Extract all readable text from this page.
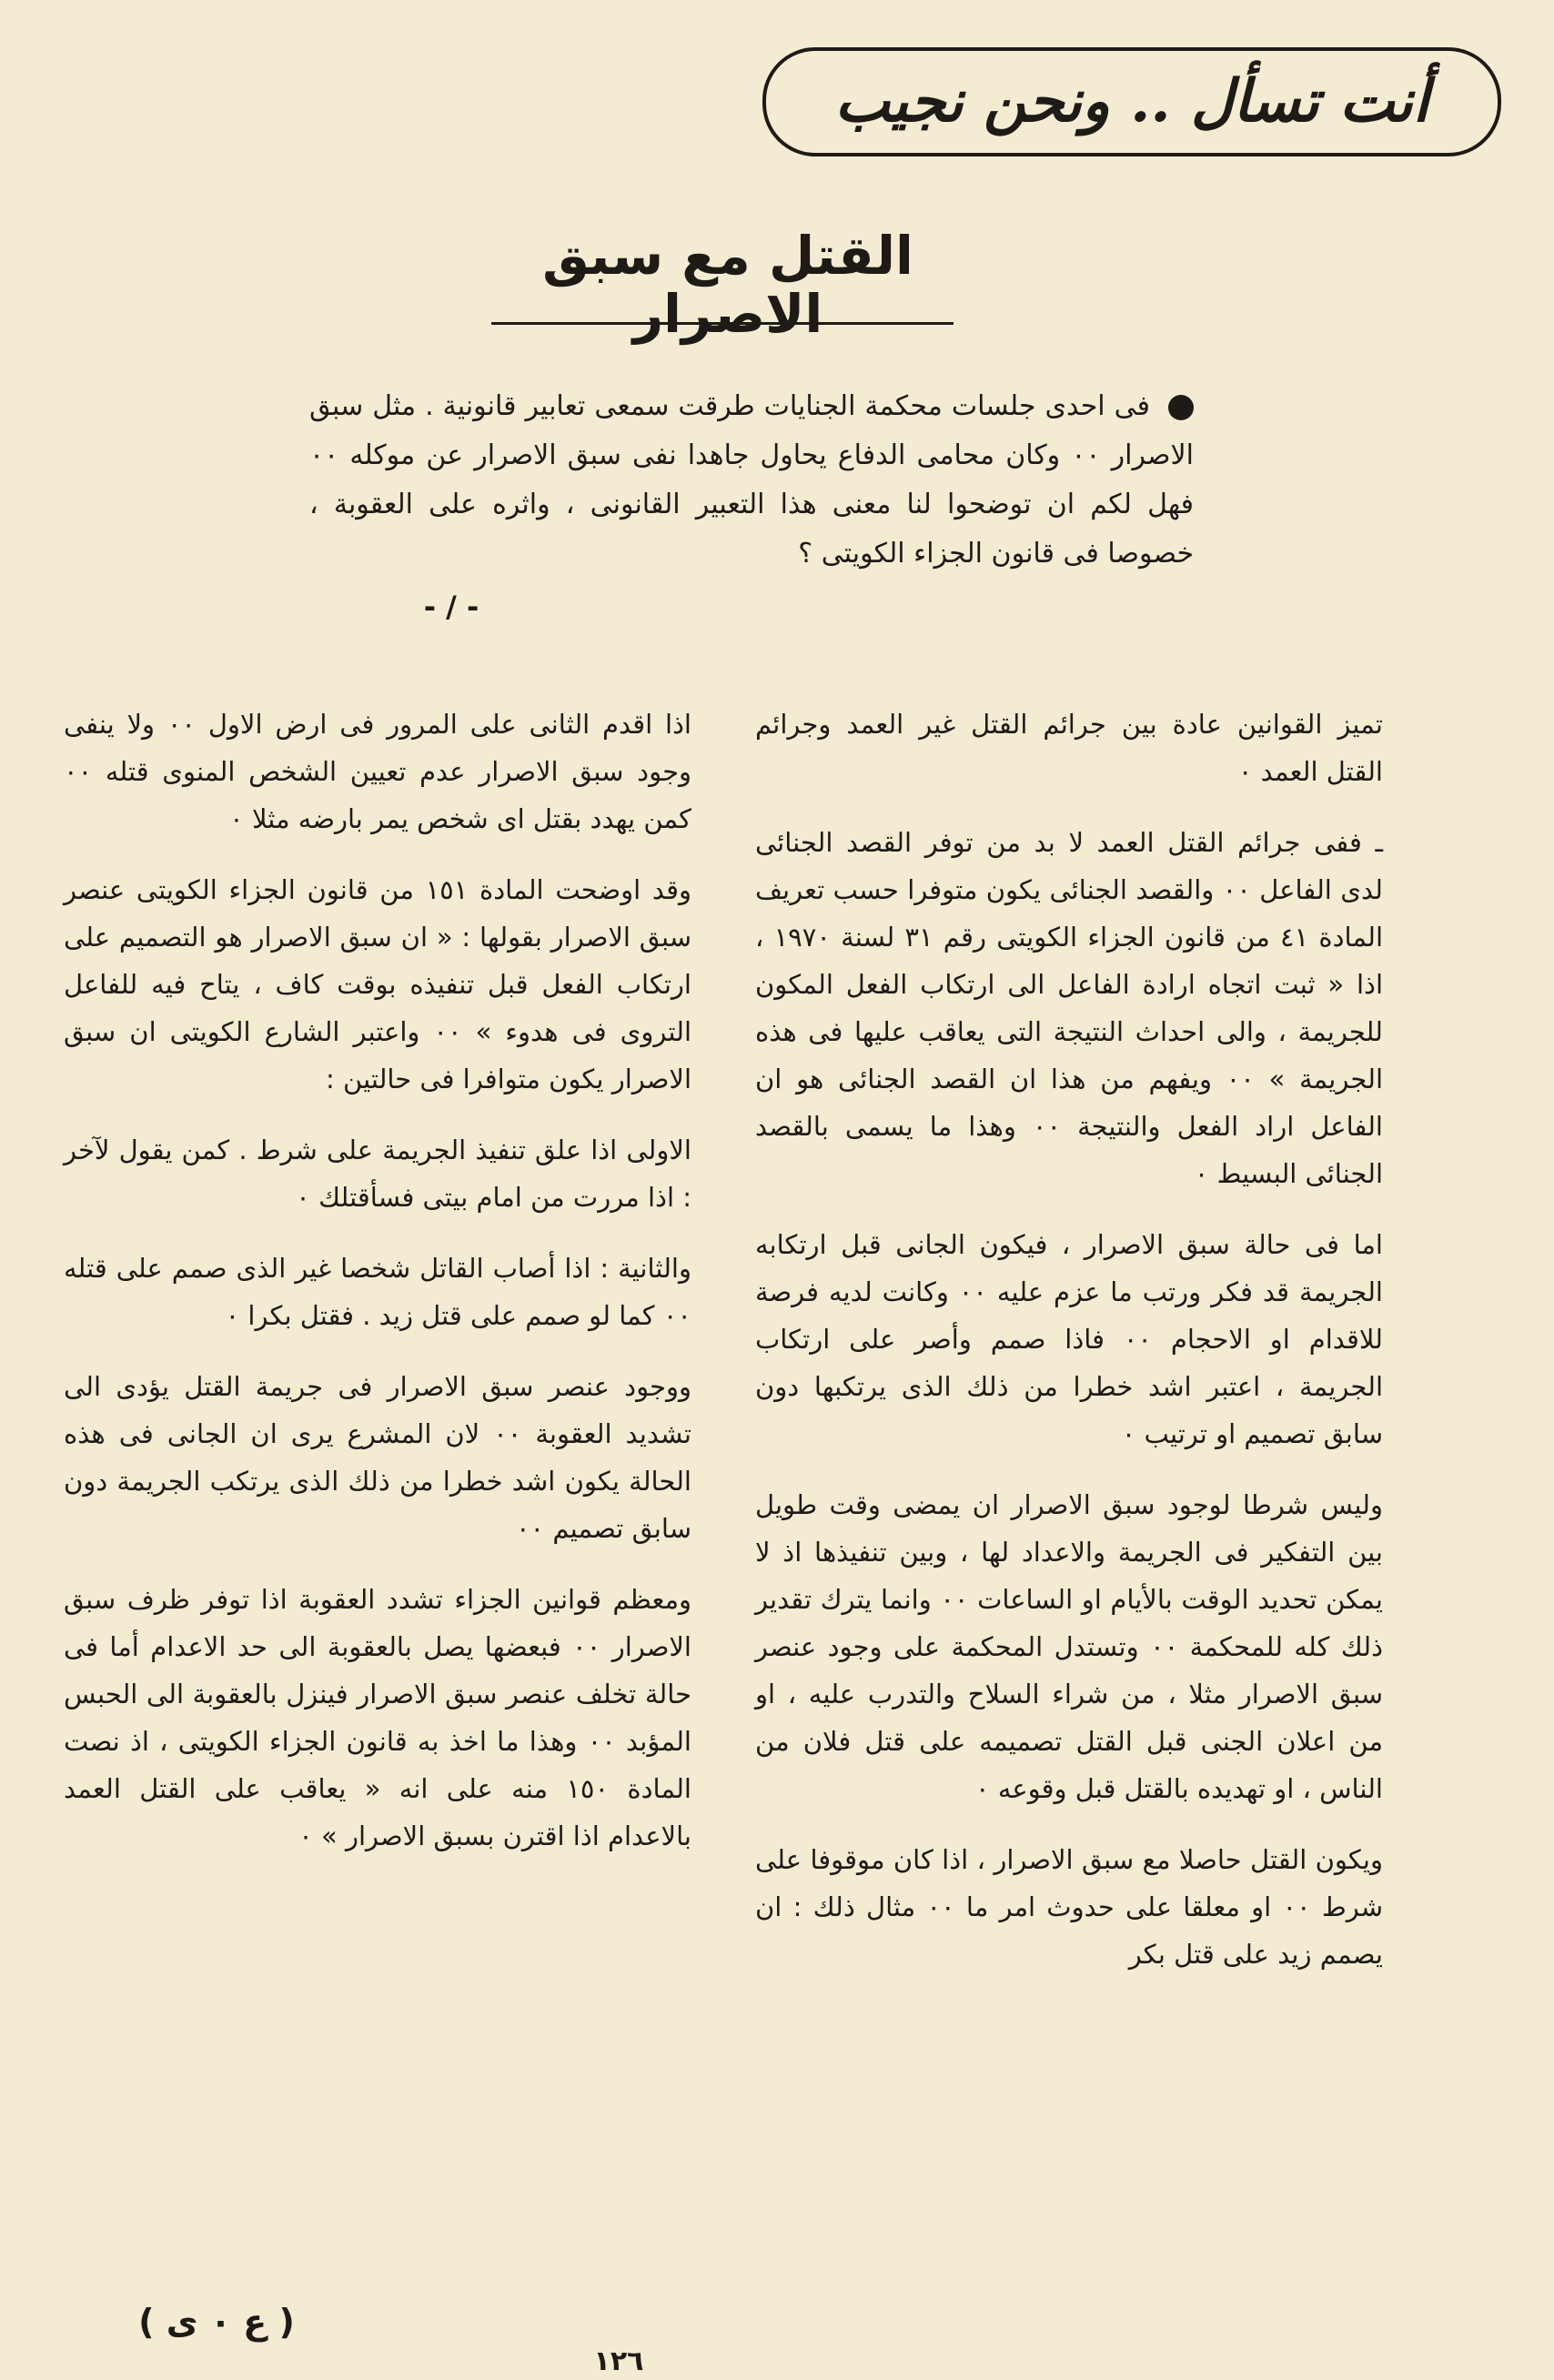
أنت تسأل .. ونحن نجيب
القتل مع سبق الاصرار
فى احدى جلسات محكمة الجنايات طرقت سمعى تعابير قانونية . مثل سبق الاصرار ٠٠ وكان محامى الدفاع يحاول جاهدا نفى سبق الاصرار عن موكله ٠٠ فهل لكم ان توضحوا لنا معنى هذا التعبير القانونى ، واثره على العقوبة ، خصوصا فى قانون الجزاء الكويتى ؟
- / -

تميز القوانين عادة بين جرائم القتل غير العمد وجرائم القتل العمد ٠

ـ ففى جرائم القتل العمد لا بد من توفر القصد الجنائى لدى الفاعل ٠٠ والقصد الجنائى يكون متوفرا حسب تعريف المادة ٤١ من قانون الجزاء الكويتى رقم ٣١ لسنة ١٩٧٠ ، اذا « ثبت اتجاه ارادة الفاعل الى ارتكاب الفعل المكون للجريمة ، والى احداث النتيجة التى يعاقب عليها فى هذه الجريمة » ٠٠ ويفهم من هذا ان القصد الجنائى هو ان الفاعل اراد الفعل والنتيجة ٠٠ وهذا ما يسمى بالقصد الجنائى البسيط ٠

اما فى حالة سبق الاصرار ، فيكون الجانى قبل ارتكابه الجريمة قد فكر ورتب ما عزم عليه ٠٠ وكانت لديه فرصة للاقدام او الاحجام ٠٠ فاذا صمم وأصر على ارتكاب الجريمة ، اعتبر اشد خطرا من ذلك الذى يرتكبها دون سابق تصميم او ترتيب ٠

وليس شرطا لوجود سبق الاصرار ان يمضى وقت طويل بين التفكير فى الجريمة والاعداد لها ، وبين تنفيذها اذ لا يمكن تحديد الوقت بالأيام او الساعات ٠٠ وانما يترك تقدير ذلك كله للمحكمة ٠٠ وتستدل المحكمة على وجود عنصر سبق الاصرار مثلا ، من شراء السلاح والتدرب عليه ، او من اعلان الجنى قبل القتل تصميمه على قتل فلان من الناس ، او تهديده بالقتل قبل وقوعه ٠

ويكون القتل حاصلا مع سبق الاصرار ، اذا كان موقوفا على شرط ٠٠ او معلقا على حدوث امر ما ٠٠ مثال ذلك : ان يصمم زيد على قتل بكر

اذا اقدم الثانى على المرور فى ارض الاول ٠٠ ولا ينفى وجود سبق الاصرار عدم تعيين الشخص المنوى قتله ٠٠ كمن يهدد بقتل اى شخص يمر بارضه مثلا ٠

وقد اوضحت المادة ١٥١ من قانون الجزاء الكويتى عنصر سبق الاصرار بقولها : « ان سبق الاصرار هو التصميم على ارتكاب الفعل قبل تنفيذه بوقت كاف ، يتاح فيه للفاعل التروى فى هدوء » ٠٠ واعتبر الشارع الكويتى ان سبق الاصرار يكون متوافرا فى حالتين :

الاولى اذا علق تنفيذ الجريمة على شرط . كمن يقول لآخر : اذا مررت من امام بيتى فسأقتلك ٠

والثانية : اذا أصاب القاتل شخصا غير الذى صمم على قتله ٠٠ كما لو صمم على قتل زيد . فقتل بكرا ٠

ووجود عنصر سبق الاصرار فى جريمة القتل يؤدى الى تشديد العقوبة ٠٠ لان المشرع يرى ان الجانى فى هذه الحالة يكون اشد خطرا من ذلك الذى يرتكب الجريمة دون سابق تصميم ٠٠

ومعظم قوانين الجزاء تشدد العقوبة اذا توفر ظرف سبق الاصرار ٠٠ فبعضها يصل بالعقوبة الى حد الاعدام أما فى حالة تخلف عنصر سبق الاصرار فينزل بالعقوبة الى الحبس المؤبد ٠٠ وهذا ما اخذ به قانون الجزاء الكويتى ، اذ نصت المادة ١٥٠ منه على انه « يعاقب على القتل العمد بالاعدام اذا اقترن بسبق الاصرار » ٠

( ع ٠ ى )
١٢٦
